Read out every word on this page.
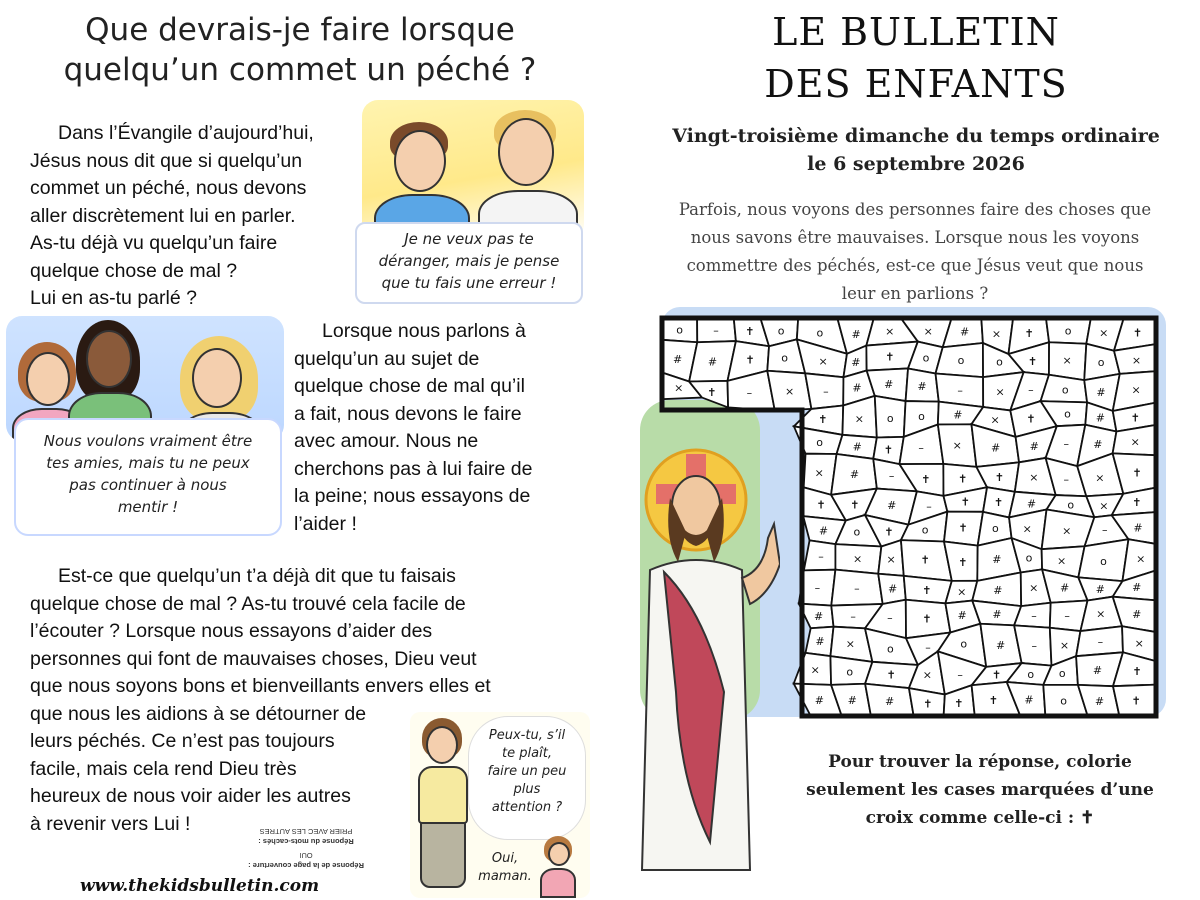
Que devrais-je faire lorsque
quelqu’un commet un péché ?
Dans l’Évangile d’aujourd’hui,
Jésus nous dit que si quelqu’un
commet un péché, nous devons
aller discrètement lui en parler.
As-tu déjà vu quelqu’un faire
quelque chose de mal ?
Lui en as-tu parlé ?
Je ne veux pas te
déranger, mais je pense
que tu fais une erreur !
Nous voulons vraiment être
tes amies, mais tu ne peux
pas continuer à nous
mentir !
Lorsque nous parlons à
quelqu’un au sujet de
quelque chose de mal qu’il
a fait, nous devons le faire
avec amour. Nous ne
cherchons pas à lui faire de
la peine; nous essayons de
l’aider !
Est-ce que quelqu’un t’a déjà dit que tu faisais
quelque chose de mal ? As-tu trouvé cela facile de
l’écouter ? Lorsque nous essayons d’aider des
personnes qui font de mauvaises choses, Dieu veut
que nous soyons bons et bienveillants envers elles et
que nous les aidions à se détourner de
leurs péchés. Ce n’est pas toujours
facile, mais cela rend Dieu très
heureux de nous voir aider les autres
à revenir vers Lui !
Peux-tu, s’il
te plaît,
faire un peu
plus
attention ?
Oui,
maman.
Réponse de la page couverture :
OUI
Réponse du mots-cachés :
PRIER AVEC LES AUTRES
www.thekidsbulletin.com
LE BULLETIN
DES ENFANTS
Vingt-troisième dimanche du temps ordinaire
le 6 septembre 2026
Parfois, nous voyons des personnes faire des choses que
nous savons être mauvaises. Lorsque nous les voyons
commettre des péchés, est-ce que Jésus veut que nous
leur en parlions ?
o	– ✝ o	o	# ×	× # × ✝	o	× ✝
# #	✝ o	× # ✝	o	o	o ✝ × o ×
× ✝	–	×	– # # #	–	× –	o	# ×
✝ × o o	#	× ✝	o # ✝
o	# ✝ –	×	#	# – #	×
× #	– ✝	✝	✝ × – ×	✝
✝ ✝	#	–	✝ ✝ #	o × ✝
# o ✝	o	✝ o ×	×	– #
–	× × ✝	✝ # o ×	o	×
–	–	# ✝ × # × # # #
# –	–	✝ # #	–	– × #
# ×	o	–	o	# – ×	–	×
× o	✝ × –	✝ o o #	✝
# #	#	✝ ✝ ✝ # o	# ✝
Pour trouver la réponse, colorie
seulement les cases marquées d’une
croix comme celle-ci : ✝
